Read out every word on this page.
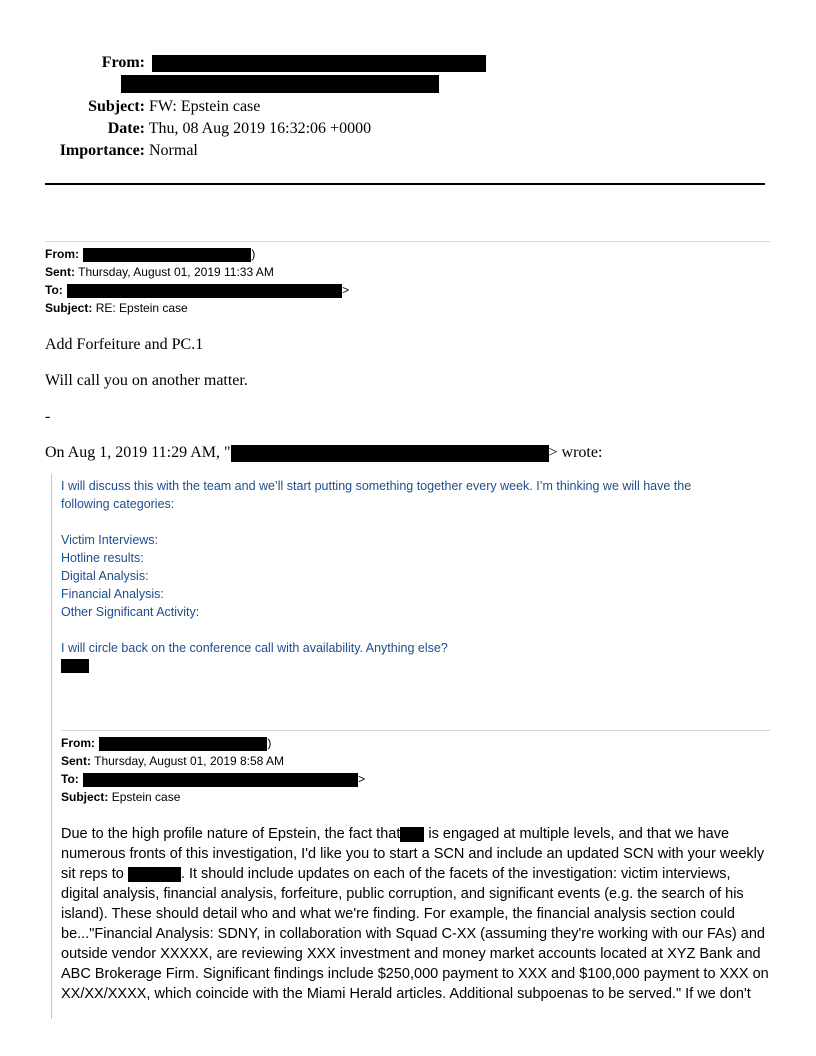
From:
Subject: FW: Epstein case
Date: Thu, 08 Aug 2019 16:32:06 +0000
Importance: Normal
From:	)
Sent: Thursday, August 01, 2019 11:33 AM
To:	>
Subject: RE: Epstein case
Add Forfeiture and PC.1
Will call you on another matter.
-
On Aug 1, 2019 11:29 AM, "	> wrote:
I will discuss this with the team and we’ll start putting something together every week. I’m thinking we will have the
following categories:
Victim Interviews:
Hotline results:
Digital Analysis:
Financial Analysis:
Other Significant Activity:
I will circle back on the conference call with availability. Anything else?
From:	)
Sent: Thursday, August 01, 2019 8:58 AM
To:	>
Subject: Epstein case
Due to the high profile nature of Epstein, the fact that is engaged at multiple levels, and that we have
numerous fronts of this investigation, I'd like you to start a SCN and include an updated SCN with your weekly
sit reps to	. It should include updates on each of the facets of the investigation: victim interviews,
digital analysis, financial analysis, forfeiture, public corruption, and significant events (e.g. the search of his
island). These should detail who and what we're finding. For example, the financial analysis section could
be..."Financial Analysis: SDNY, in collaboration with Squad C-XX (assuming they're working with our FAs) and
outside vendor XXXXX, are reviewing XXX investment and money market accounts located at XYZ Bank and
ABC Brokerage Firm. Significant findings include $250,000 payment to XXX and $100,000 payment to XXX on
XX/XX/XXXX, which coincide with the Miami Herald articles. Additional subpoenas to be served." If we don't
